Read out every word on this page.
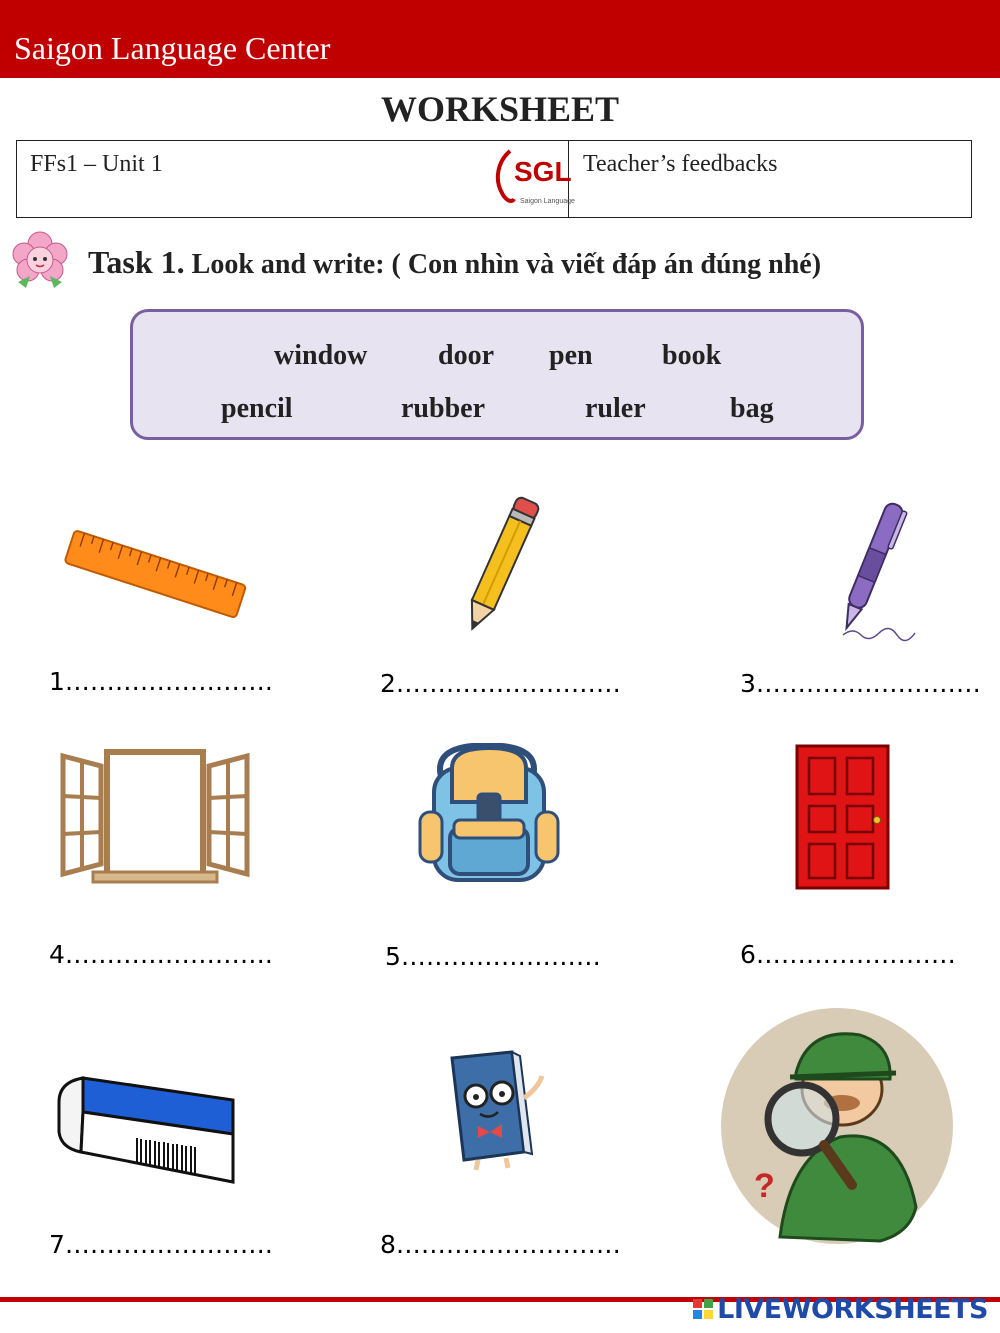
Saigon Language Center
WORKSHEET
FFs1 – Unit 1	SGL
Saigon Language
Teacher’s feedbacks
Task 1. Look and write: ( Con nhìn và viết đáp án đúng nhé)
window	door pen book
pencil	rubber	ruler	bag
1…………………….	2………………………	3………………………
4…………………….	5……………………	6……………………
?
7…………………….	8………………………
LIVEWORKSHEETS
